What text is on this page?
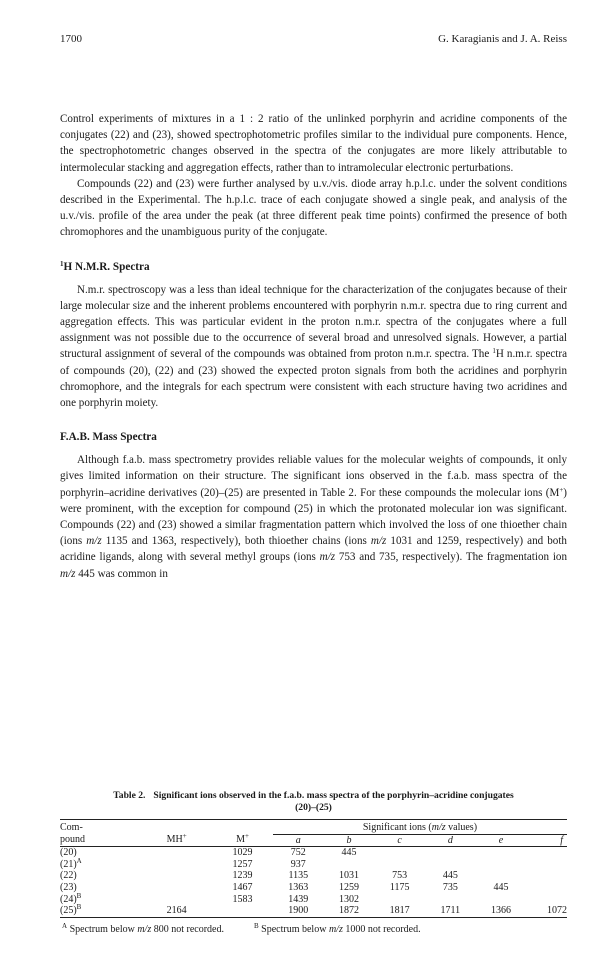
1700	G. Karagianis and J. A. Reiss

Control experiments of mixtures in a 1 : 2 ratio of the unlinked porphyrin and acridine components of the conjugates (22) and (23), showed spectrophotometric profiles similar to the individual pure components. Hence, the spectrophotometric changes observed in the spectra of the conjugates are more likely attributable to intermolecular stacking and aggregation effects, rather than to intramolecular electronic perturbations.

Compounds (22) and (23) were further analysed by u.v./vis. diode array h.p.l.c. under the solvent conditions described in the Experimental. The h.p.l.c. trace of each conjugate showed a single peak, and analysis of the u.v./vis. profile of the area under the peak (at three different peak time points) confirmed the presence of both chromophores and the unambiguous purity of the conjugate.

$^1$H N.M.R. Spectra

N.m.r. spectroscopy was a less than ideal technique for the characterization of the conjugates because of their large molecular size and the inherent problems encountered with porphyrin n.m.r. spectra due to ring current and aggregation effects. This was particular evident in the proton n.m.r. spectra of the conjugates where a full assignment was not possible due to the occurrence of several broad and unresolved signals. However, a partial structural assignment of several of the compounds was obtained from proton n.m.r. spectra. The $^1$H n.m.r. spectra of compounds (20), (22) and (23) showed the expected proton signals from both the acridines and porphyrin chromophore, and the integrals for each spectrum were consistent with each structure having two acridines and one porphyrin moiety.

F.A.B. Mass Spectra

Although f.a.b. mass spectrometry provides reliable values for the molecular weights of compounds, it only gives limited information on their structure. The significant ions observed in the f.a.b. mass spectra of the porphyrin–acridine derivatives (20)–(25) are presented in Table 2. For these compounds the molecular ions (M+) were prominent, with the exception for compound (25) in which the protonated molecular ion was significant. Compounds (22) and (23) showed a similar fragmentation pattern which involved the loss of one thioether chain (ions m/z 1135 and 1363, respectively), both thioether chains (ions m/z 1031 and 1259, respectively) and both acridine ligands, along with several methyl groups (ions m/z 753 and 735, respectively). The fragmentation ion m/z 445 was common in

Table 2. Significant ions observed in the f.a.b. mass spectra of the porphyrin–acridine conjugates
(20)–(25)
Com-			Significant ions (m/z values)					
pound	MH+	M+	a	b	c	d	e	f
(20)		1029	752	445				
$(21)^A$		1257	937					
(22)		1239	1135	1031	753	445		
(23)		1467	1363	1259	1175	735	445	
$(24)^B$		1583	1439	1302				
$(25)^B$	2164		1900	1872	1817	1711	1366	1072
$^A$ Spectrum below m/z 800 not recorded.	$^B$ Spectrum below m/z 1000 not recorded.
